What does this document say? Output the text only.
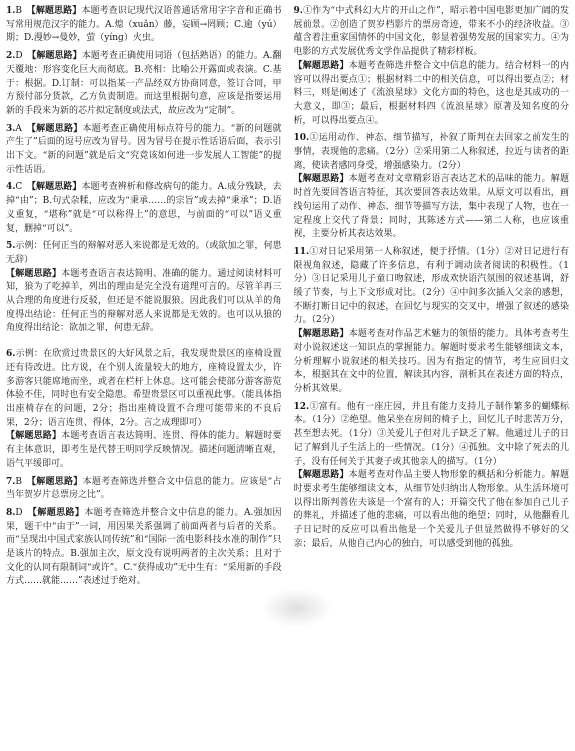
1.B　 【解题思路】本题考查识记现代汉语普通话常用字字音和正确书写常用规范汉字的能力。A.熄（xuǎn）藤，妄顾→罔顾；C.逾（yú）期；D.漫妙→曼妙，萤（yíng）火虫。
2.D　 【解题思路】本题考查正确使用词语（包括熟语）的能力。A.翻天覆地：形容变化巨大而彻底。B.亮相：比喻公开露面或表演。C.基于：根据。D.订制：可以指某一产品经双方协商同意，签订合同，甲方预付部分货款，乙方负责制造。而这里根据句意，应该是指要运用新的手段来为新的芯片拟定制度或法式，故应改为“定制”。
3.A　 【解题思路】本题考查正确使用标点符号的能力。“新的问题就产生了”后面的逗号应改为冒号。因为冒号在提示性话语后面，表示引出下文。“新的问题”就是后文“究竟该如何进一步发展人工智能”的提示性话语。
4.C　 【解题思路】本题考查辨析和修改病句的能力。A.成分残缺，去掉“由”；B.句式杂糅，应改为“秉承……的宗旨”或去掉“秉承”；D.语义重复，“堪称”就是“可以称得上”的意思，与前面的“可以”语义重复，删掉“可以”。
5.示例：任何正当的辩解对恶人来说都是无效的。（或欲加之罪，何患无辞）
【解题思路】本题考查语言表达简明、准确的能力。通过阅读材料可知，狼为了吃掉羊，列出的理由是完全没有道理可言的。尽管羊再三从合理的角度进行反驳，但还是不能说服狼。因此我们可以从羊的角度得出结论：任何正当的辩解对恶人来说都是无效的。也可以从狼的角度得出结论：欲加之罪，何患无辞。
6.示例：在欣赏过贵景区的大好风景之后，我发现贵景区的座椅设置还有待改进。比方说，在个别人流量较大的地方，座椅设置太少，许多游客只能席地而坐，或者在栏杆上休息。这可能会使部分游客游览体验不佳，同时也有安全隐患。希望贵景区可以重视此事。（能具体指出座椅存在的问题，2分；指出座椅设置不合理可能带来的不良后果，2分；语言连贯、得体，2分。言之成理即可）
【解题思路】本题考查语言表达简明、连贯、得体的能力。解题时要有主体意识，即考生是代替王明同学反映情况。描述问题清晰直观，语气平缓即可。
7.B　 【解题思路】本题考查筛选并整合文中信息的能力。应该是“占当年贺岁片总票房之比”。
8.D　 【解题思路】本题考查筛选并整合文中信息的能力。A.强加因果，题干中“由于”一词，用因果关系强调了前面两者与后者的关系。而“呈现出中国式家族认同传统”和“国际一流电影科技水准的制作”只是该片的特点。B.强加主次，原文没有说明两者的主次关系；且对于文化的认同有限制词“或许”。C.“获得成功”无中生有：“采用新的手段方式……就能……”表述过于绝对。
9.①作为“中式科幻大片的开山之作”，昭示着中国电影更加广阔的发展前景。②创造了贺岁档影片的票房奇迹，带来不小的经济收益。③蕴含着注重家国情怀的中国文化，彰显着强势发展的国家实力。④为电影的方式发展优秀文学作品提供了精彩样板。
【解题思路】本题考查筛选并整合文中信息的能力。结合材料一的内容可以得出要点①；根据材料二中的相关信息，可以得出要点②；材料三，则是阐述了《流浪星球》文化方面的特色，这也是其成功的一大意义，即③；最后，根据材料四《流浪星球》原著及知名度的分析，可以得出要点④。
10.①运用动作、神态、细节描写，补叙了斯判在去回家之前发生的事情，表现他的悲痛。（2分）②采用第二人称叙述，拉近与读者的距离，使读者感同身受，增强感染力。（2分）
【解题思路】本题考查对文章精彩语言表达艺术的品味的能力。解题时首先要回答语言特征，其次要回答表达效果。从原文可以看出，画线句运用了动作、神态、细节等描写方法，集中表现了人物，也在一定程度上交代了背景；同时，其陈述方式——第二人称，也应该重视，主要分析其表达效果。
11.①对日记采用第一人称叙述，便于抒情。（1分）②对日记进行有限视角叙述，隐藏了许多信息，有利于调动读者阅读的积极性。（1分）③日记采用儿子童口吻叙述，形成欢快语汽氛围的叙述基调，舒缓了节奏，与上下文形成对比。（2分）④中间多次插入父亲的感想，不断打断日记中的叙述，在回忆与现实的交叉中，增强了叙述的感染力。（2分）
【解题思路】本题考查对作品艺术魅力的领悟的能力。具体考查考生对小说叙述这一知识点的掌握能力。解题时要求考生能够细读文本，分析理解小说叙述的相关技巧。因为有指定的情节，考生应回归文本，根据其在文中的位置，解读其内容，剖析其在表述方面的特点，分析其效果。
12.①富有。他有一座庄园，并且有能力支持儿子制作繁多的蝴蝶标本。（1分）②绝望。他呆坐在房间的椅子上，回忆儿子时悲苦万分，甚至想去死。（1分）③关爱儿子但对儿子缺乏了解。他通过儿子的日记了解到儿子生活上的一些情况。（1分）④孤独。文中除了死去的儿子，没有任何关于其妻子或其他亲人的描写。（1分）
【解题思路】本题考查对作品主要人物形象的概括和分析能力。解题时要求考生能够细读文本，从细节处归纳出人物形象。从生活环境可以得出斯判普佐夫该是一个富有的人；开篇交代了他在参加自己儿子的葬礼，并描述了他的悲痛，可以看出他的绝望；同时，从他翻看儿子日记时的反应可以看出他是一个关爱儿子但显然做得不够好的父亲；最后，从他自己内心的独白，可以感受到他的孤独。
